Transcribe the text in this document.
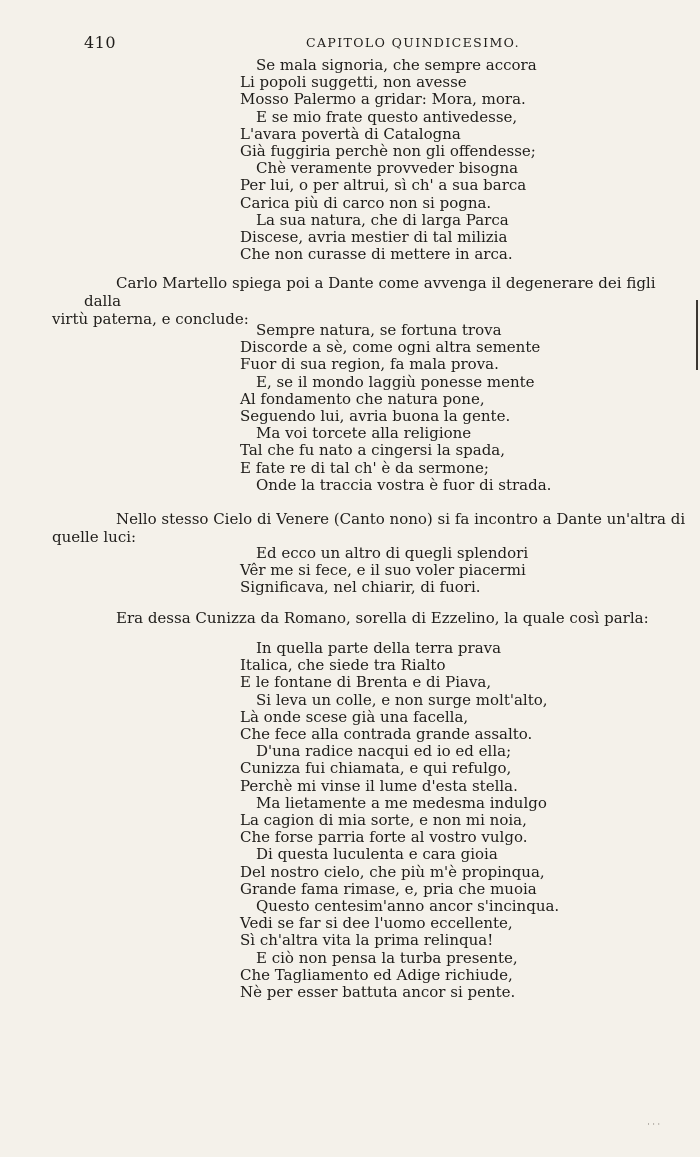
410	CAPITOLO QUINDICESIMO.
Se mala signoria, che sempre accora
Li popoli suggetti, non avesse
Mosso Palermo a gridar: Mora, mora.
E se mio frate questo antivedesse,
L'avara povertà di Catalogna
Già fuggiria perchè non gli offendesse;
Chè veramente provveder bisogna
Per lui, o per altrui, sì ch' a sua barca
Carica più di carco non si pogna.
La sua natura, che di larga Parca
Discese, avria mestier di tal milizia
Che non curasse di mettere in arca.

Carlo Martello spiega poi a Dante come avvenga il degenerare dei figli dalla
virtù paterna, e conclude:

Sempre natura, se fortuna trova
Discorde a sè, come ogni altra semente
Fuor di sua region, fa mala prova.
E, se il mondo laggiù ponesse mente
Al fondamento che natura pone,
Seguendo lui, avria buona la gente.
Ma voi torcete alla religione
Tal che fu nato a cingersi la spada,
E fate re di tal ch' è da sermone;
Onde la traccia vostra è fuor di strada.

Nello stesso Cielo di Venere (Canto nono) si fa incontro a Dante un'altra di
quelle luci:

Ed ecco un altro di quegli splendori
Vêr me si fece, e il suo voler piacermi
Significava, nel chiarir, di fuori.

Era dessa Cunizza da Romano, sorella di Ezzelino, la quale così parla:

In quella parte della terra prava
Italica, che siede tra Rialto
E le fontane di Brenta e di Piava,
Si leva un colle, e non surge molt'alto,
Là onde scese già una facella,
Che fece alla contrada grande assalto.
D'una radice nacqui ed io ed ella;
Cunizza fui chiamata, e qui refulgo,
Perchè mi vinse il lume d'esta stella.
Ma lietamente a me medesma indulgo
La cagion di mia sorte, e non mi noia,
Che forse parria forte al vostro vulgo.
Di questa luculenta e cara gioia
Del nostro cielo, che più m'è propinqua,
Grande fama rimase, e, pria che muoia
Questo centesim'anno ancor s'incinqua.
Vedi se far si dee l'uomo eccellente,
Sì ch'altra vita la prima relinqua!
E ciò non pensa la turba presente,
Che Tagliamento ed Adige richiude,
Nè per esser battuta ancor si pente.
· · ·
